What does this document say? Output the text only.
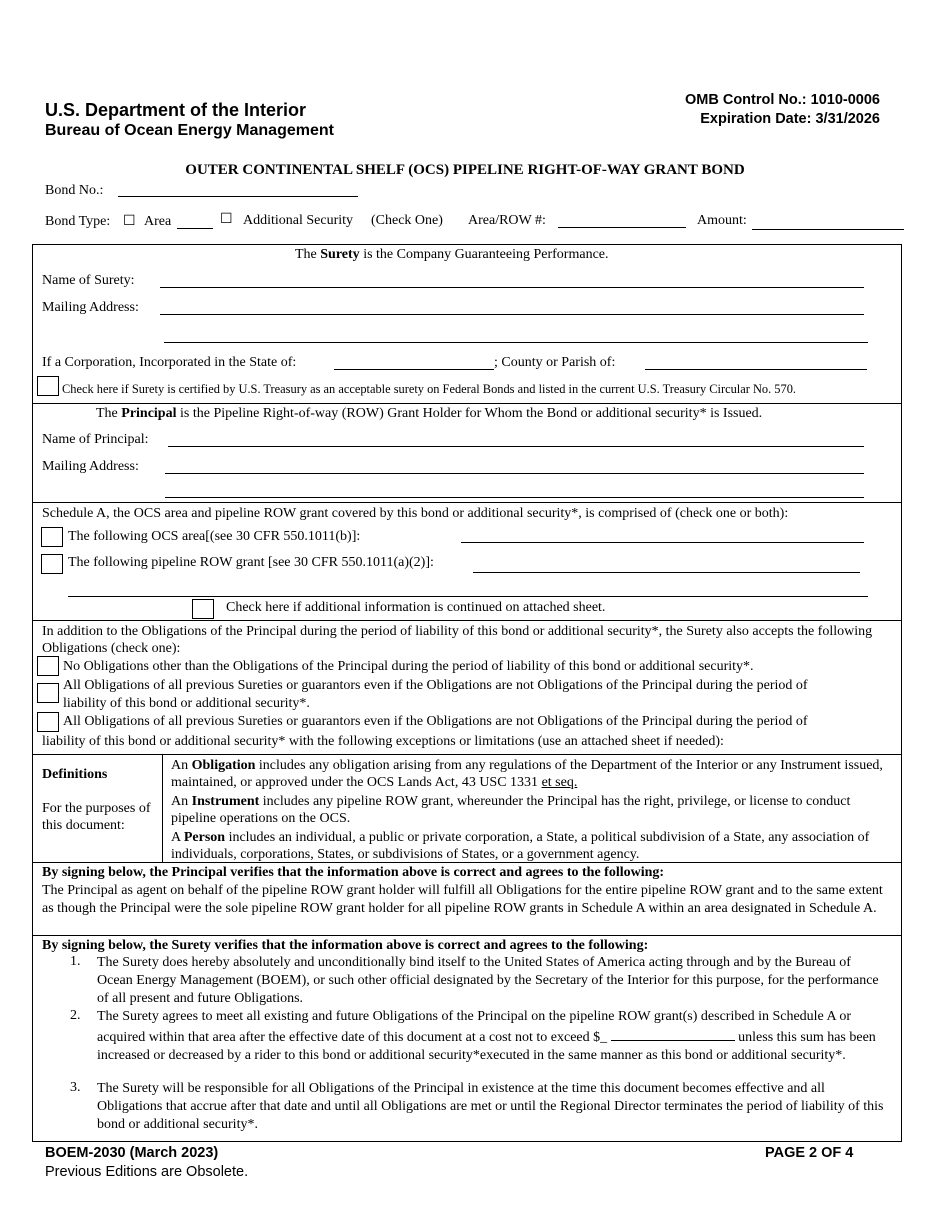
U.S. Department of the Interior
Bureau of Ocean Energy Management
OMB Control No.: 1010-0006
Expiration Date: 3/31/2026
OUTER CONTINENTAL SHELF (OCS) PIPELINE RIGHT-OF-WAY GRANT BOND
Bond No.:
Bond Type: ☐ Area	☐ Additional Security (Check One) Area/ROW #:	Amount:
The Surety is the Company Guaranteeing Performance.
Name of Surety:
Mailing Address:
If a Corporation, Incorporated in the State of:	; County or Parish of:
Check here if Surety is certified by U.S. Treasury as an acceptable surety on Federal Bonds and listed in the current U.S. Treasury Circular No. 570.
The Principal is the Pipeline Right-of-way (ROW) Grant Holder for Whom the Bond or additional security* is Issued.
Name of Principal:
Mailing Address:
Schedule A, the OCS area and pipeline ROW grant covered by this bond or additional security*, is comprised of (check one or both):
The following OCS area[(see 30 CFR 550.1011(b)]:
The following pipeline ROW grant [see 30 CFR 550.1011(a)(2)]:
Check here if additional information is continued on attached sheet.
In addition to the Obligations of the Principal during the period of liability of this bond or additional security*, the Surety also accepts the following Obligations (check one):
No Obligations other than the Obligations of the Principal during the period of liability of this bond or additional security*.
All Obligations of all previous Sureties or guarantors even if the Obligations are not Obligations of the Principal during the period of
liability of this bond or additional security*.
All Obligations of all previous Sureties or guarantors even if the Obligations are not Obligations of the Principal during the period of
liability of this bond or additional security* with the following exceptions or limitations (use an attached sheet if needed):
Definitions
For the purposes of this document:
An Obligation includes any obligation arising from any regulations of the Department of the Interior or any Instrument issued, maintained, or approved under the OCS Lands Act, 43 USC 1331 et seq.
An Instrument includes any pipeline ROW grant, whereunder the Principal has the right, privilege, or license to conduct pipeline operations on the OCS.
A Person includes an individual, a public or private corporation, a State, a political subdivision of a State, any association of individuals, corporations, States, or subdivisions of States, or a government agency.
By signing below, the Principal verifies that the information above is correct and agrees to the following:
The Principal as agent on behalf of the pipeline ROW grant holder will fulfill all Obligations for the entire pipeline ROW grant and to the same extent as though the Principal were the sole pipeline ROW grant holder for all pipeline ROW grants in Schedule A within an area designated in Schedule A.
By signing below, the Surety verifies that the information above is correct and agrees to the following:
1. The Surety does hereby absolutely and unconditionally bind itself to the United States of America acting through and by the Bureau of Ocean Energy Management (BOEM), or such other official designated by the Secretary of the Interior for this purpose, for the performance of all present and future Obligations.
2. The Surety agrees to meet all existing and future Obligations of the Principal on the pipeline ROW grant(s) described in Schedule A or acquired within that area after the effective date of this document at a cost not to exceed $_	unless this sum has been increased or decreased by a rider to this bond or additional security*executed in the same manner as this bond or additional security*.
3. The Surety will be responsible for all Obligations of the Principal in existence at the time this document becomes effective and all Obligations that accrue after that date and until all Obligations are met or until the Regional Director terminates the period of liability of this bond or additional security*.
BOEM-2030 (March 2023)	PAGE 2 OF 4
Previous Editions are Obsolete.
